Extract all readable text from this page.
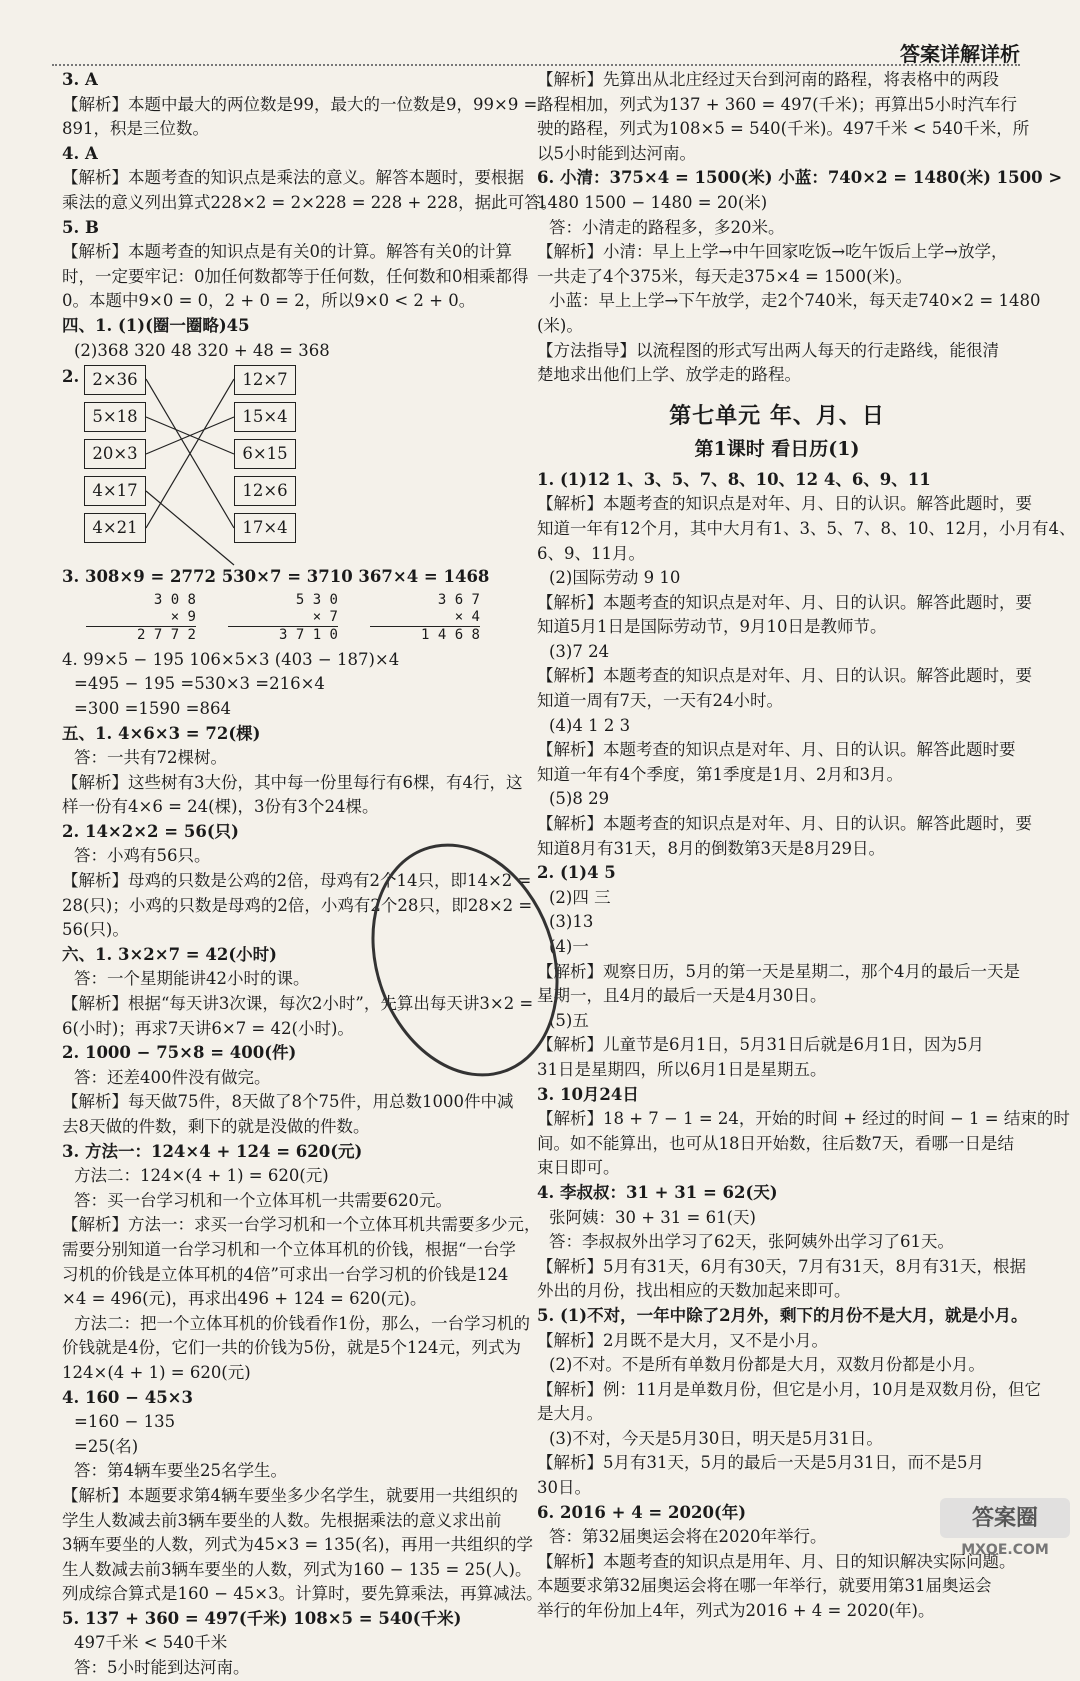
答案详解详析
3. A
【解析】本题中最大的两位数是99，最大的一位数是9，99×9 =
891，积是三位数。
4. A
【解析】本题考查的知识点是乘法的意义。解答本题时，要根据
乘法的意义列出算式228×2 = 2×228 = 228 + 228，据此可答。
5. B
【解析】本题考查的知识点是有关0的计算。解答有关0的计算
时，一定要牢记：0加任何数都等于任何数，任何数和0相乘都得
0。本题中9×0 = 0，2 + 0 = 2，所以9×0 < 2 + 0。
四、1. (1)(圈一圈略)45
(2)368 320 48 320 + 48 = 368
2. 2×36
5×18
20×3
4×17
4×21
12×7
15×4
6×15
12×6
17×4
3. 308×9 = 2772 530×7 = 3710 367×4 = 1468
3 0 8
× 9
2 7 7 2
5 3 0
× 7
3 7 1 0
3 6 7
× 4
1 4 6 8
4. 99×5 − 195 106×5×3 (403 − 187)×4
=495 − 195 =530×3 =216×4
=300 =1590 =864
五、1. 4×6×3 = 72(棵)
答：一共有72棵树。
【解析】这些树有3大份，其中每一份里每行有6棵，有4行，这
样一份有4×6 = 24(棵)，3份有3个24棵。
2. 14×2×2 = 56(只)
答：小鸡有56只。
【解析】母鸡的只数是公鸡的2倍，母鸡有2个14只，即14×2 =
28(只)；小鸡的只数是母鸡的2倍，小鸡有2个28只，即28×2 =
56(只)。
六、1. 3×2×7 = 42(小时)
答：一个星期能讲42小时的课。
【解析】根据“每天讲3次课，每次2小时”，先算出每天讲3×2 =
6(小时)；再求7天讲6×7 = 42(小时)。
2. 1000 − 75×8 = 400(件)
答：还差400件没有做完。
【解析】每天做75件，8天做了8个75件，用总数1000件中减
去8天做的件数，剩下的就是没做的件数。
3. 方法一：124×4 + 124 = 620(元)
方法二：124×(4 + 1) = 620(元)
答：买一台学习机和一个立体耳机一共需要620元。
【解析】方法一：求买一台学习机和一个立体耳机共需要多少元，
需要分别知道一台学习机和一个立体耳机的价钱，根据“一台学
习机的价钱是立体耳机的4倍”可求出一台学习机的价钱是124
×4 = 496(元)，再求出496 + 124 = 620(元)。
方法二：把一个立体耳机的价钱看作1份，那么，一台学习机的
价钱就是4份，它们一共的价钱为5份，就是5个124元，列式为
124×(4 + 1) = 620(元)
4. 160 − 45×3
=160 − 135
=25(名)
答：第4辆车要坐25名学生。
【解析】本题要求第4辆车要坐多少名学生，就要用一共组织的
学生人数减去前3辆车要坐的人数。先根据乘法的意义求出前
3辆车要坐的人数，列式为45×3 = 135(名)，再用一共组织的学
生人数减去前3辆车要坐的人数，列式为160 − 135 = 25(人)。
列成综合算式是160 − 45×3。计算时，要先算乘法，再算减法。
5. 137 + 360 = 497(千米) 108×5 = 540(千米)
497千米 < 540千米
答：5小时能到达河南。
【解析】先算出从北庄经过天台到河南的路程，将表格中的两段
路程相加，列式为137 + 360 = 497(千米)；再算出5小时汽车行
驶的路程，列式为108×5 = 540(千米)。497千米 < 540千米，所
以5小时能到达河南。
6. 小清：375×4 = 1500(米) 小蓝：740×2 = 1480(米) 1500 >
1480 1500 − 1480 = 20(米)
答：小清走的路程多，多20米。
【解析】小清：早上上学→中午回家吃饭→吃午饭后上学→放学，
一共走了4个375米，每天走375×4 = 1500(米)。
小蓝：早上上学→下午放学，走2个740米，每天走740×2 = 1480
(米)。
【方法指导】以流程图的形式写出两人每天的行走路线，能很清
楚地求出他们上学、放学走的路程。
第七单元 年、月、日
第1课时 看日历(1)
1. (1)12 1、3、5、7、8、10、12 4、6、9、11
【解析】本题考查的知识点是对年、月、日的认识。解答此题时，要
知道一年有12个月，其中大月有1、3、5、7、8、10、12月，小月有4、
6、9、11月。
(2)国际劳动 9 10
【解析】本题考查的知识点是对年、月、日的认识。解答此题时，要
知道5月1日是国际劳动节，9月10日是教师节。
(3)7 24
【解析】本题考查的知识点是对年、月、日的认识。解答此题时，要
知道一周有7天，一天有24小时。
(4)4 1 2 3
【解析】本题考查的知识点是对年、月、日的认识。解答此题时要
知道一年有4个季度，第1季度是1月、2月和3月。
(5)8 29
【解析】本题考查的知识点是对年、月、日的认识。解答此题时，要
知道8月有31天，8月的倒数第3天是8月29日。
2. (1)4 5
(2)四 三
(3)13
(4)一
【解析】观察日历，5月的第一天是星期二，那个4月的最后一天是
星期一，且4月的最后一天是4月30日。
(5)五
【解析】儿童节是6月1日，5月31日后就是6月1日，因为5月
31日是星期四，所以6月1日是星期五。
3. 10月24日
【解析】18 + 7 − 1 = 24，开始的时间 + 经过的时间 − 1 = 结束的时
间。如不能算出，也可从18日开始数，往后数7天，看哪一日是结
束日即可。
4. 李叔叔：31 + 31 = 62(天)
张阿姨：30 + 31 = 61(天)
答：李叔叔外出学习了62天，张阿姨外出学习了61天。
【解析】5月有31天，6月有30天，7月有31天，8月有31天，根据
外出的月份，找出相应的天数加起来即可。
5. (1)不对，一年中除了2月外，剩下的月份不是大月，就是小月。
【解析】2月既不是大月，又不是小月。
(2)不对。不是所有单数月份都是大月，双数月份都是小月。
【解析】例：11月是单数月份，但它是小月，10月是双数月份，但它
是大月。
(3)不对，今天是5月30日，明天是5月31日。
【解析】5月有31天，5月的最后一天是5月31日，而不是5月
30日。
6. 2016 + 4 = 2020(年)
答：第32届奥运会将在2020年举行。
【解析】本题考查的知识点是用年、月、日的知识解决实际问题。
本题要求第32届奥运会将在哪一年举行，就要用第31届奥运会
举行的年份加上4年，列式为2016 + 4 = 2020(年)。
答案圈
MXQE.COM
